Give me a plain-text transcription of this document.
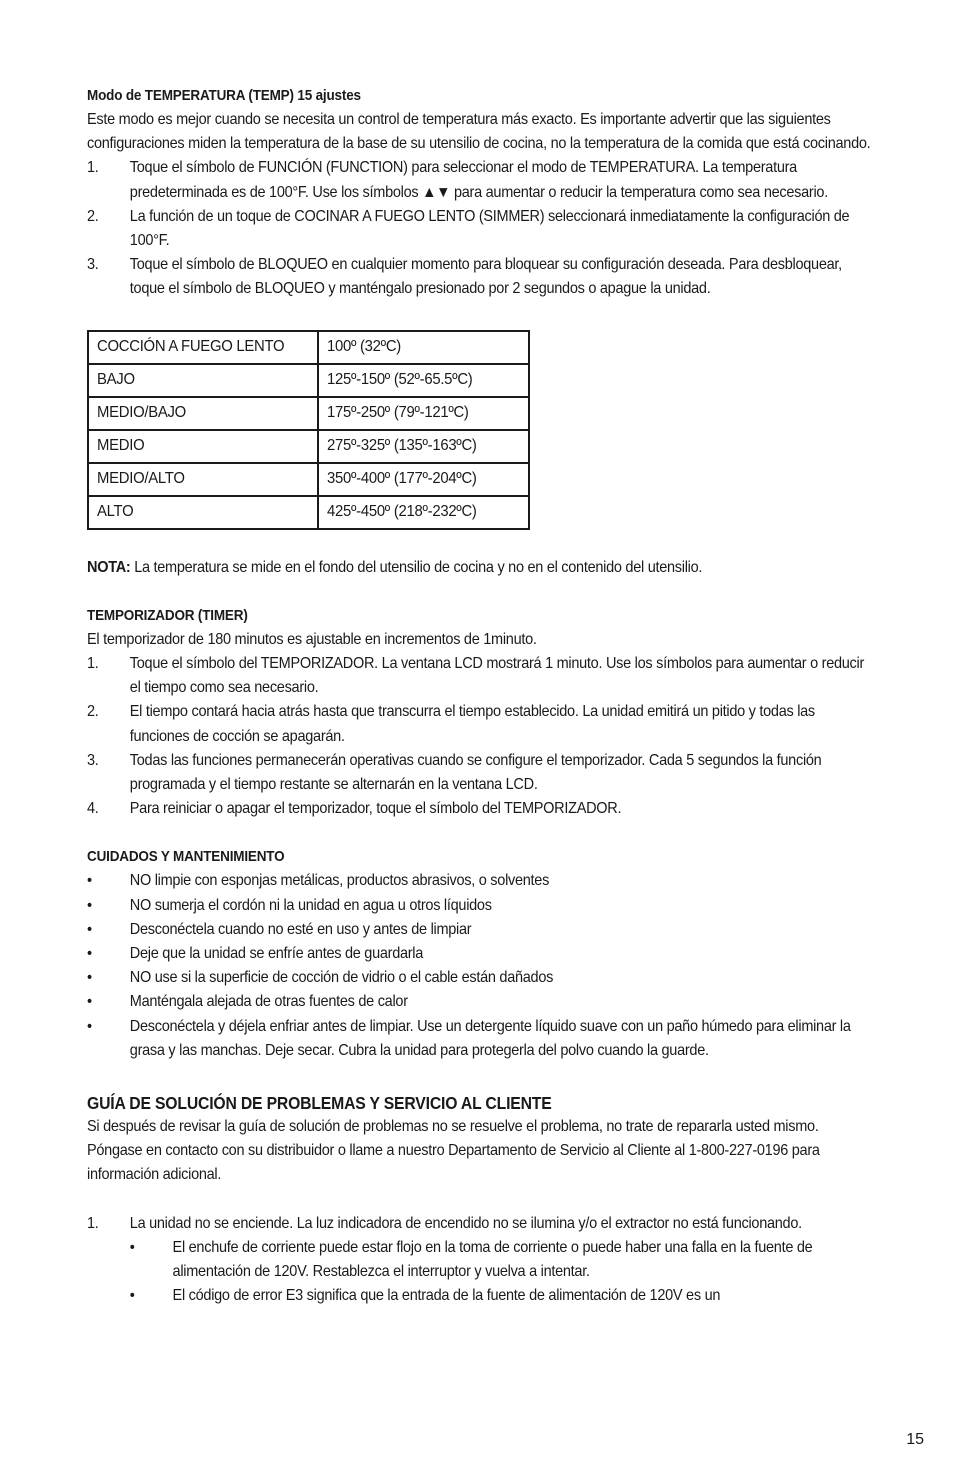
Modo de TEMPERATURA (TEMP) 15 ajustes

Este modo es mejor cuando se necesita un control de temperatura más exacto. Es importante advertir que las siguientes configuraciones miden la temperatura de la base de su utensilio de cocina, no la temperatura de la comida que está cocinando.

1. Toque el símbolo de FUNCIÓN (FUNCTION) para seleccionar el modo de TEMPERATURA. La temperatura predeterminada es de 100°F. Use los símbolos ▲▼ para aumentar o reducir la temperatura como sea necesario.
2. La función de un toque de COCINAR A FUEGO LENTO (SIMMER) seleccionará inmediatamente la configuración de 100°F.
3. Toque el símbolo de BLOQUEO en cualquier momento para bloquear su configuración deseada. Para desbloquear, toque el símbolo de BLOQUEO y manténgalo presionado por 2 segundos o apague la unidad.
COCCIÓN A FUEGO LENTO	100º (32ºC)
BAJO	125º-150º (52º-65.5ºC)
MEDIO/BAJO	175º-250º (79º-121ºC)
MEDIO	275º-325º (135º-163ºC)
MEDIO/ALTO	350º-400º (177º-204ºC)
ALTO	425º-450º (218º-232ºC)
NOTA: La temperatura se mide en el fondo del utensilio de cocina y no en el contenido del utensilio.
TEMPORIZADOR (TIMER)

El temporizador de 180 minutos es ajustable en incrementos de 1minuto.

1. Toque el símbolo del TEMPORIZADOR. La ventana LCD mostrará 1 minuto. Use los símbolos para aumentar o reducir el tiempo como sea necesario.
2. El tiempo contará hacia atrás hasta que transcurra el tiempo establecido. La unidad emitirá un pitido y todas las funciones de cocción se apagarán.
3. Todas las funciones permanecerán operativas cuando se configure el temporizador. Cada 5 segundos la función programada y el tiempo restante se alternarán en la ventana LCD.
4. Para reiniciar o apagar el temporizador, toque el símbolo del TEMPORIZADOR.
CUIDADOS Y MANTENIMIENTO
• NO limpie con esponjas metálicas, productos abrasivos, o solventes
• NO sumerja el cordón ni la unidad en agua u otros líquidos
• Desconéctela cuando no esté en uso y antes de limpiar
• Deje que la unidad se enfríe antes de guardarla
• NO use si la superficie de cocción de vidrio o el cable están dañados
• Manténgala alejada de otras fuentes de calor
• Desconéctela y déjela enfriar antes de limpiar. Use un detergente líquido suave con un paño húmedo para eliminar la grasa y las manchas. Deje secar. Cubra la unidad para protegerla del polvo cuando la guarde.
GUÍA DE SOLUCIÓN DE PROBLEMAS Y SERVICIO AL CLIENTE

Si después de revisar la guía de solución de problemas no se resuelve el problema, no trate de repararla usted mismo. Póngase en contacto con su distribuidor o llame a nuestro Departamento de Servicio al Cliente al 1-800-227-0196 para información adicional.

1. La unidad no se enciende. La luz indicadora de encendido no se ilumina y/o el extractor no está funcionando.
• El enchufe de corriente puede estar flojo en la toma de corriente o puede haber una falla en la fuente de alimentación de 120V. Restablezca el interruptor y vuelva a intentar.
• El código de error E3 significa que la entrada de la fuente de alimentación de 120V es un
15
